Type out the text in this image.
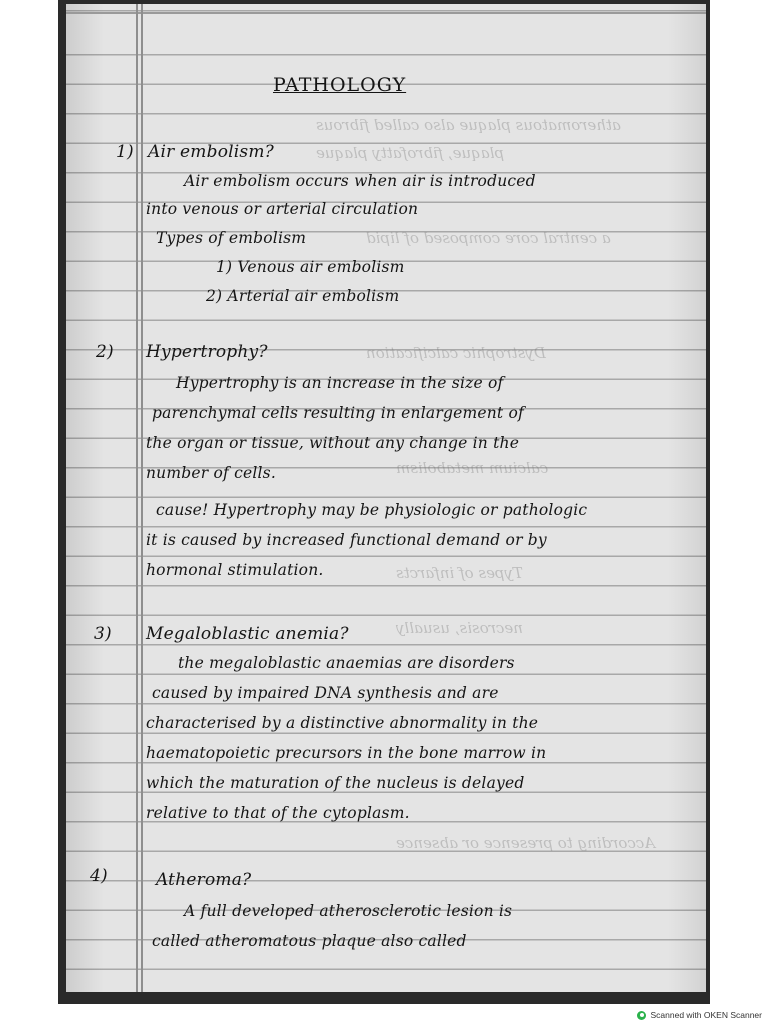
atheromatous plaque also called fibrous
plaque, fibrofatty plaque
a central core composed of lipid
Dystrophic calcification
calcium metabolism
Types of infarcts
necrosis, usually
According to presence or absence
PATHOLOGY
1) Air embolism?
Air embolism occurs when air is introduced
into venous or arterial circulation
Types of embolism
1) Venous air embolism
2) Arterial air embolism
2) Hypertrophy?
Hypertrophy is an increase in the size of
parenchymal cells resulting in enlargement of
the organ or tissue, without any change in the
number of cells.
cause! Hypertrophy may be physiologic or pathologic
it is caused by increased functional demand or by
hormonal stimulation.
3) Megaloblastic anemia?
the megaloblastic anaemias are disorders
caused by impaired DNA synthesis and are
characterised by a distinctive abnormality in the
haematopoietic precursors in the bone marrow in
which the maturation of the nucleus is delayed
relative to that of the cytoplasm.
4)	Atheroma?
A full developed atherosclerotic lesion is
called atheromatous plaque also called
Scanned with OKEN Scanner
